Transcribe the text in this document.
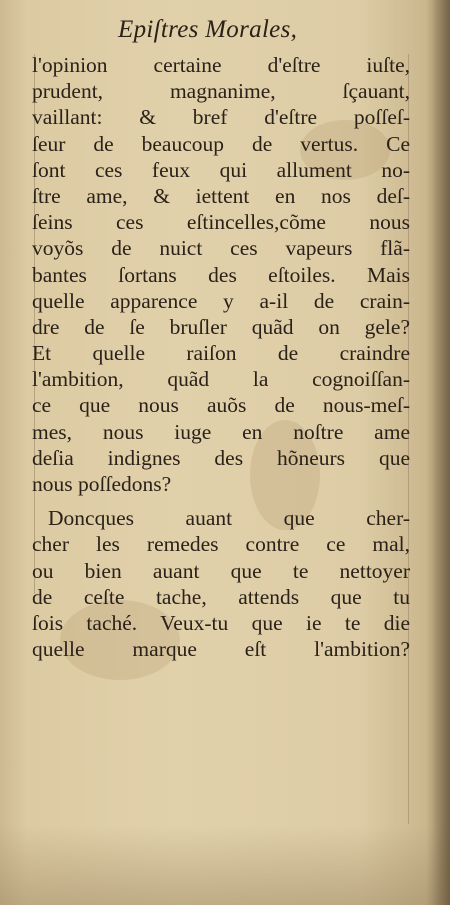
Epiſtres Morales,
l'opinion certaine d'eſtre iuſte,
prudent, magnanime, ſçauant,
vaillant: & bref d'eſtre poſſeſ-
ſeur de beaucoup de vertus. Ce
ſont ces feux qui allument no-
ſtre ame, & iettent en nos deſ-
ſeins ces eſtincelles,cõme nous
voyõs de nuict ces vapeurs flã-
bantes ſortans des eſtoiles. Mais
quelle apparence y a-il de crain-
dre de ſe bruſler quãd on gele?
Et quelle raiſon de craindre
l'ambition, quãd la cognoiſſan-
ce que nous auõs de nous-meſ-
mes, nous iuge en noſtre ame
deſia indignes des hõneurs que
nous poſſedons?
Doncques auant que cher-
cher les remedes contre ce mal,
ou bien auant que te nettoyer
de ceſte tache, attends que tu
ſois taché. Veux-tu que ie te die
quelle marque eſt l'ambition?
